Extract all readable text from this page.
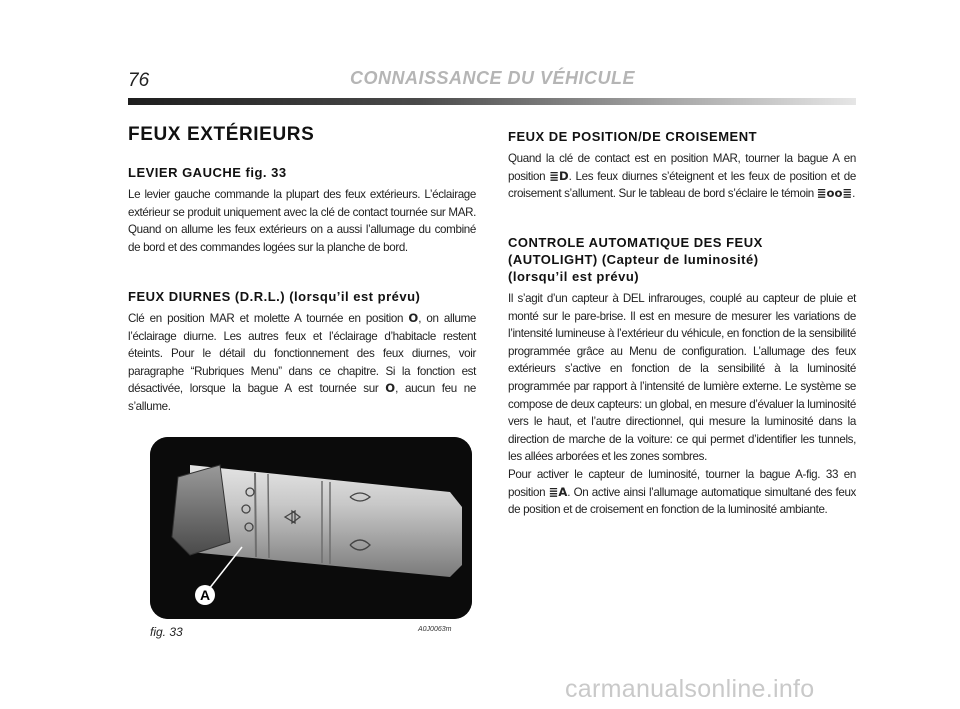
76	CONNAISSANCE DU VÉHICULE
FEUX EXTÉRIEURS
LEVIER GAUCHE fig. 33

Le levier gauche commande la plupart des feux extérieurs. L’éclairage extérieur se produit uniquement avec la clé de contact tournée sur MAR. Quand on allume les feux extérieurs on a aussi l’allumage du combiné de bord et des commandes logées sur la planche de bord.

FEUX DIURNES (D.R.L.) (lorsqu’il est prévu)

Clé en position MAR et molette A tournée en position O, on allume l’éclairage diurne. Les autres feux et l’éclairage d’habitacle restent éteints. Pour le détail du fonctionnement des feux diurnes, voir paragraphe “Rubriques Menu” dans ce chapitre. Si la fonction est désactivée, lorsque la bague A est tournée sur O, aucun feu ne s’allume.

A
fig. 33	A0J0063m
FEUX DE POSITION/DE CROISEMENT

Quand la clé de contact est en position MAR, tourner la bague A en position ≣D. Les feux diurnes s’éteignent et les feux de position et de croisement s’allument. Sur le tableau de bord s’éclaire le témoin ≣oo≣.

CONTROLE AUTOMATIQUE DES FEUX
(AUTOLIGHT) (Capteur de luminosité)
(lorsqu’il est prévu)

Il s’agit d’un capteur à DEL infrarouges, couplé au capteur de pluie et monté sur le pare-brise. Il est en mesure de mesurer les variations de l’intensité lumineuse à l’extérieur du véhicule, en fonction de la sensibilité programmée grâce au Menu de configuration. L’allumage des feux extérieurs s’active en fonction de la sensibilité à la luminosité programmée par rapport à l’intensité de lumière externe. Le système se compose de deux capteurs: un global, en mesure d’évaluer la luminosité vers le haut, et l’autre directionnel, qui mesure la luminosité dans la direction de marche de la voiture: ce qui permet d’identifier les tunnels, les allées arborées et les zones sombres.

Pour activer le capteur de luminosité, tourner la bague A-fig. 33 en position ≣A. On active ainsi l’allumage automatique simultané des feux de position et de croisement en fonction de la luminosité ambiante.

carmanualsonline.info
